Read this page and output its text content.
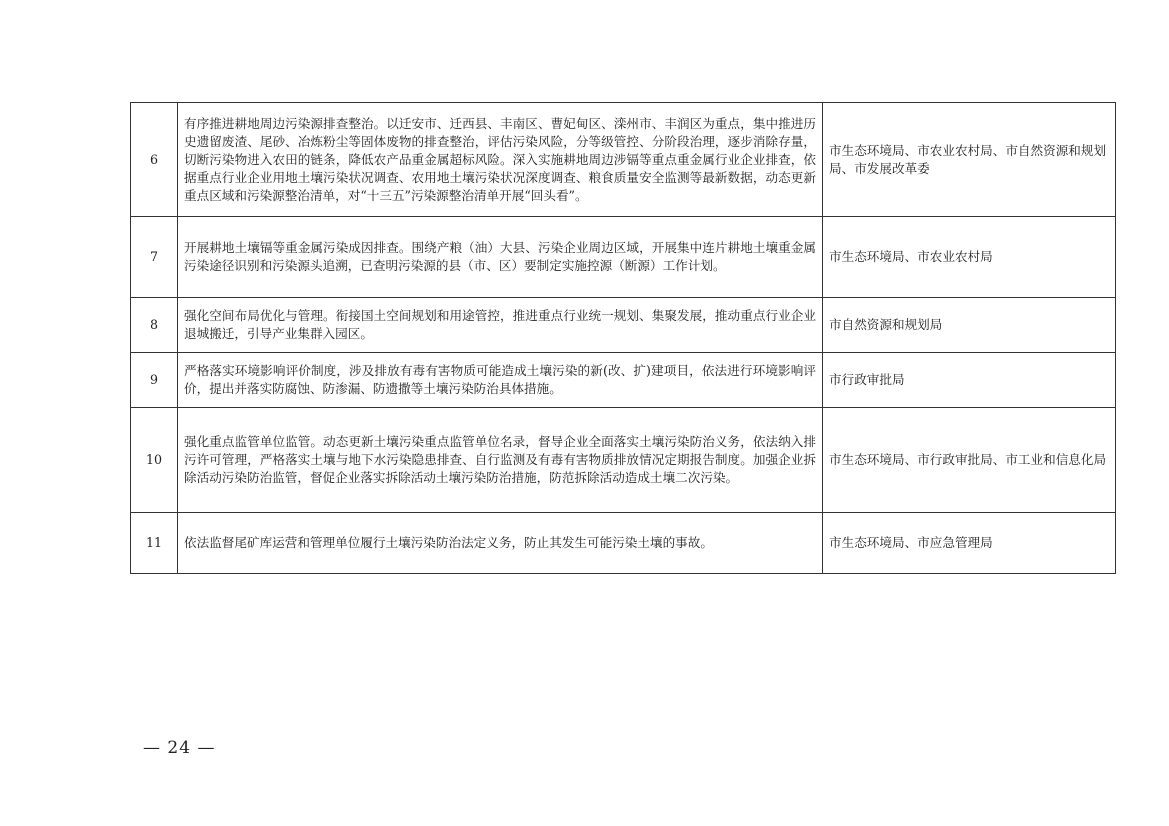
6	有序推进耕地周边污染源排查整治。以迁安市、迁西县、丰南区、曹妃甸区、滦州市、丰润区为重点，集中推进历史遗留废渣、尾砂、冶炼粉尘等固体废物的排查整治，评估污染风险，分等级管控、分阶段治理，逐步消除存量，切断污染物进入农田的链条，降低农产品重金属超标风险。深入实施耕地周边涉镉等重点重金属行业企业排查，依据重点行业企业用地土壤污染状况调查、农用地土壤污染状况深度调查、粮食质量安全监测等最新数据，动态更新重点区域和污染源整治清单，对“十三五”污染源整治清单开展“回头看”。	市生态环境局、市农业农村局、市自然资源和规划局、市发展改革委
7	开展耕地土壤镉等重金属污染成因排查。围绕产粮（油）大县、污染企业周边区域，开展集中连片耕地土壤重金属污染途径识别和污染源头追溯，已查明污染源的县（市、区）要制定实施控源（断源）工作计划。	市生态环境局、市农业农村局
8	强化空间布局优化与管理。衔接国土空间规划和用途管控，推进重点行业统一规划、集聚发展，推动重点行业企业退城搬迁，引导产业集群入园区。	市自然资源和规划局
9	严格落实环境影响评价制度，涉及排放有毒有害物质可能造成土壤污染的新(改、扩)建项目，依法进行环境影响评价，提出并落实防腐蚀、防渗漏、防遗撒等土壤污染防治具体措施。	市行政审批局
10	强化重点监管单位监管。动态更新土壤污染重点监管单位名录，督导企业全面落实土壤污染防治义务，依法纳入排污许可管理，严格落实土壤与地下水污染隐患排查、自行监测及有毒有害物质排放情况定期报告制度。加强企业拆除活动污染防治监管，督促企业落实拆除活动土壤污染防治措施，防范拆除活动造成土壤二次污染。	市生态环境局、市行政审批局、市工业和信息化局
11	依法监督尾矿库运营和管理单位履行土壤污染防治法定义务，防止其发生可能污染土壤的事故。	市生态环境局、市应急管理局
— 24 —
